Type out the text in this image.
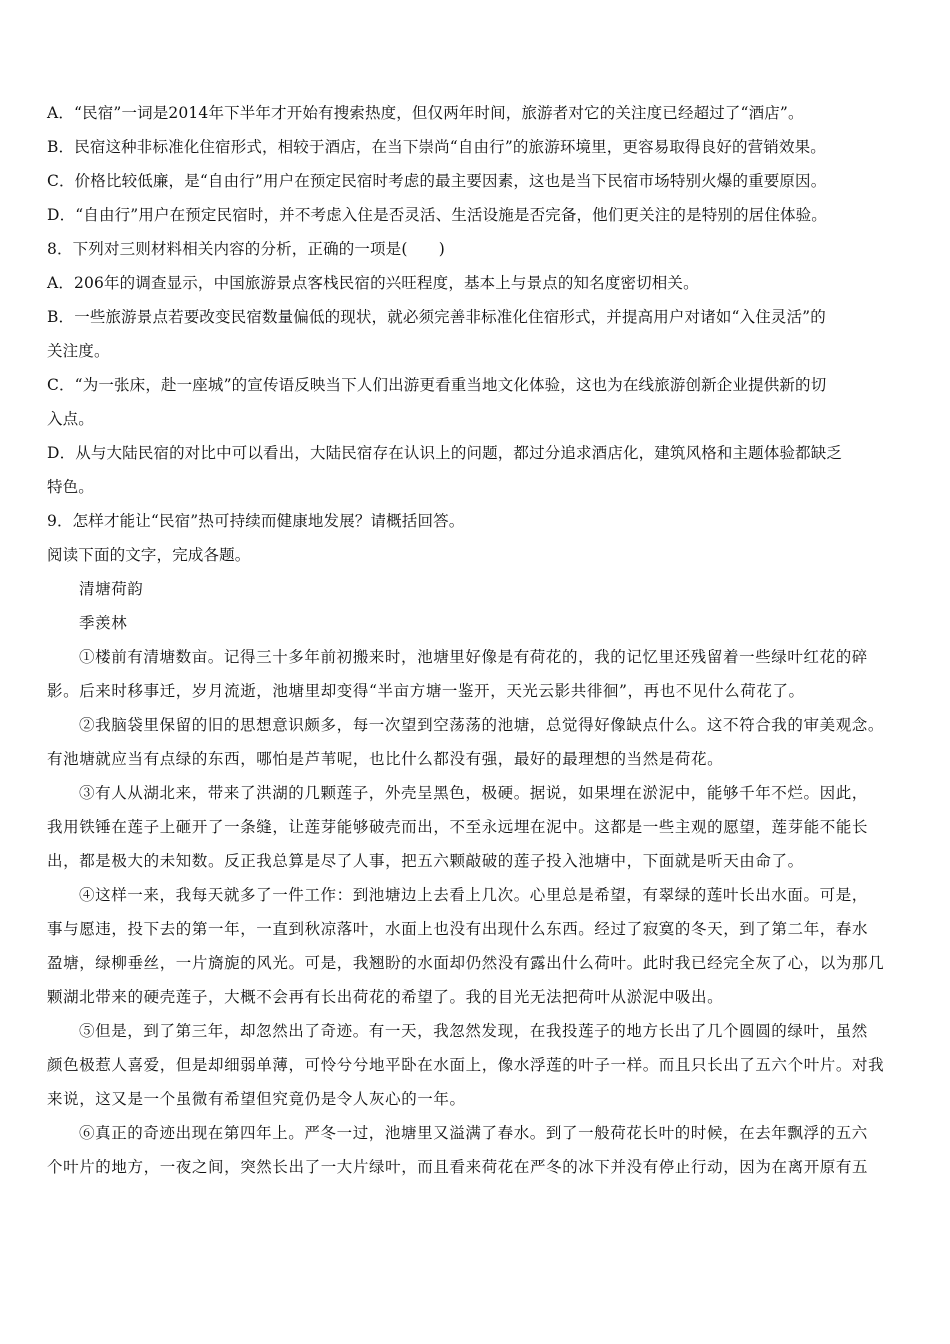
A．“民宿”一词是2014年下半年才开始有搜索热度，但仅两年时间，旅游者对它的关注度已经超过了“酒店”。
B．民宿这种非标准化住宿形式，相较于酒店，在当下崇尚“自由行”的旅游环境里，更容易取得良好的营销效果。
C．价格比较低廉，是“自由行”用户在预定民宿时考虑的最主要因素，这也是当下民宿市场特别火爆的重要原因。
D．“自由行”用户在预定民宿时，并不考虑入住是否灵活、生活设施是否完备，他们更关注的是特别的居住体验。
8．下列对三则材料相关内容的分析，正确的一项是(　　)
A．206年的调查显示，中国旅游景点客栈民宿的兴旺程度，基本上与景点的知名度密切相关。
B．一些旅游景点若要改变民宿数量偏低的现状，就必须完善非标准化住宿形式，并提高用户对诸如“入住灵活”的
关注度。
C．“为一张床，赴一座城”的宣传语反映当下人们出游更看重当地文化体验，这也为在线旅游创新企业提供新的切
入点。
D．从与大陆民宿的对比中可以看出，大陆民宿存在认识上的问题，都过分追求酒店化，建筑风格和主题体验都缺乏
特色。
9．怎样才能让“民宿”热可持续而健康地发展？请概括回答。
阅读下面的文字，完成各题。
清塘荷韵
季羡林
①楼前有清塘数亩。记得三十多年前初搬来时，池塘里好像是有荷花的，我的记忆里还残留着一些绿叶红花的碎
影。后来时移事迁，岁月流逝，池塘里却变得“半亩方塘一鉴开，天光云影共徘徊”，再也不见什么荷花了。
②我脑袋里保留的旧的思想意识颇多，每一次望到空荡荡的池塘，总觉得好像缺点什么。这不符合我的审美观念。
有池塘就应当有点绿的东西，哪怕是芦苇呢，也比什么都没有强，最好的最理想的当然是荷花。
③有人从湖北来，带来了洪湖的几颗莲子，外壳呈黑色，极硬。据说，如果埋在淤泥中，能够千年不烂。因此，
我用铁锤在莲子上砸开了一条缝，让莲芽能够破壳而出，不至永远埋在泥中。这都是一些主观的愿望，莲芽能不能长
出，都是极大的未知数。反正我总算是尽了人事，把五六颗敲破的莲子投入池塘中，下面就是听天由命了。
④这样一来，我每天就多了一件工作：到池塘边上去看上几次。心里总是希望，有翠绿的莲叶长出水面。可是，
事与愿违，投下去的第一年，一直到秋凉落叶，水面上也没有出现什么东西。经过了寂寞的冬天，到了第二年，春水
盈塘，绿柳垂丝，一片旖旎的风光。可是，我翘盼的水面却仍然没有露出什么荷叶。此时我已经完全灰了心，以为那几
颗湖北带来的硬壳莲子，大概不会再有长出荷花的希望了。我的目光无法把荷叶从淤泥中吸出。
⑤但是，到了第三年，却忽然出了奇迹。有一天，我忽然发现，在我投莲子的地方长出了几个圆圆的绿叶，虽然
颜色极惹人喜爱，但是却细弱单薄，可怜兮兮地平卧在水面上，像水浮莲的叶子一样。而且只长出了五六个叶片。对我
来说，这又是一个虽微有希望但究竟仍是令人灰心的一年。
⑥真正的奇迹出现在第四年上。严冬一过，池塘里又溢满了春水。到了一般荷花长叶的时候，在去年飘浮的五六
个叶片的地方，一夜之间，突然长出了一大片绿叶，而且看来荷花在严冬的冰下并没有停止行动，因为在离开原有五
